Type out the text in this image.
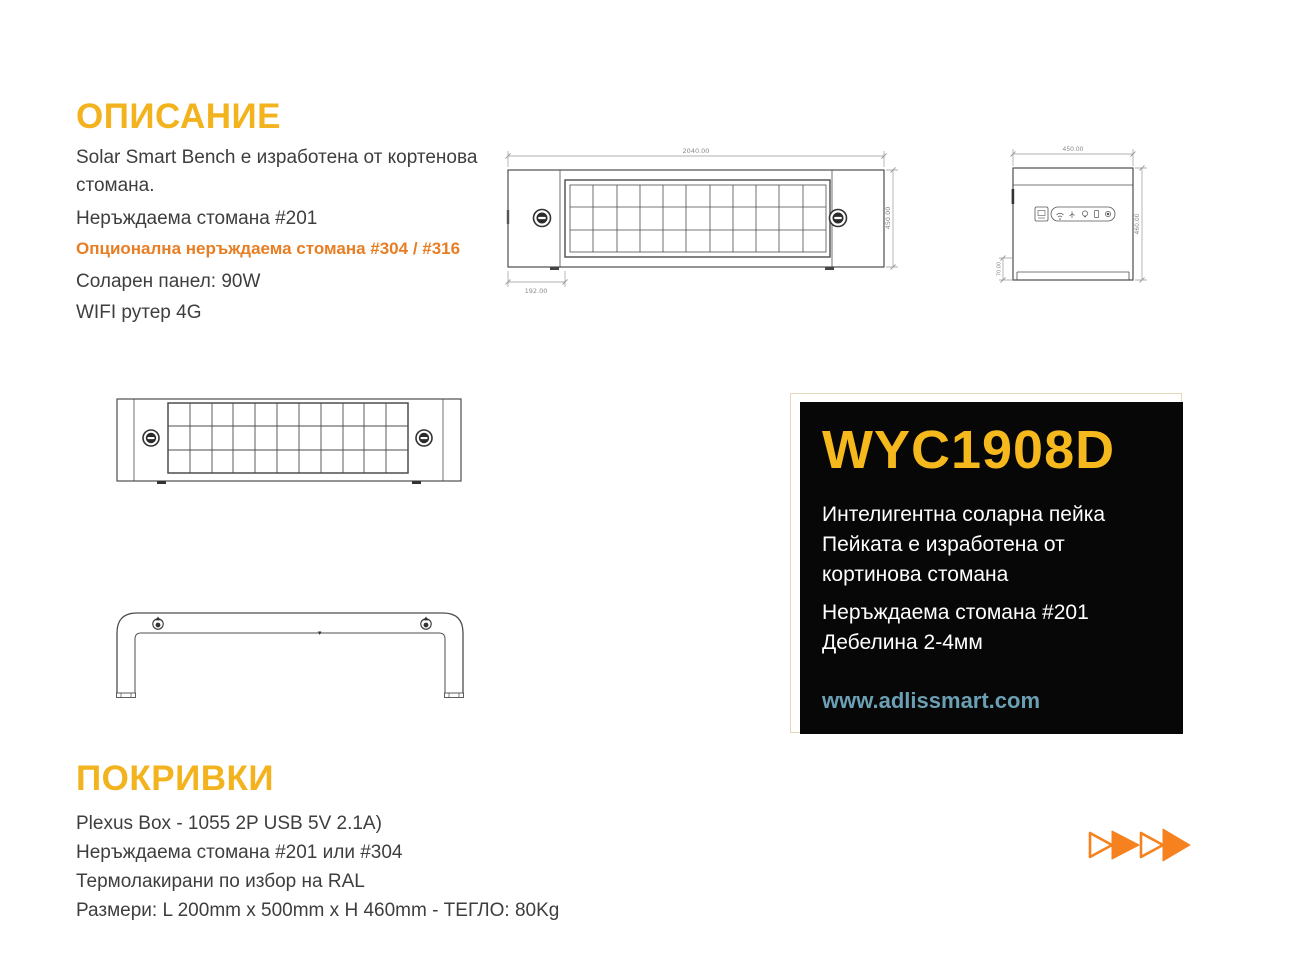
ОПИСАНИЕ
Solar Smart Bench е изработена от кортенова стомана.
Неръждаема стомана #201
Опционална неръждаема стомана #304 / #316
Соларен панел: 90W
WIFI рутер 4G
2040.00
450.00
192.00
450.00
460.00
70.00
WYC1908D
Интелигентна соларна пейка
Пейката е изработена от
кортинова стомана
Неръждаема стомана #201
Дебелина 2-4мм
www.adlissmart.com
ПОКРИВКИ
Plexus Box - 1055 2P USB 5V 2.1A)
Неръждаема стомана #201 или #304
Термолакирани по избор на RAL
Размери: L 200mm x 500mm x H 460mm - ТЕГЛО: 80Kg
